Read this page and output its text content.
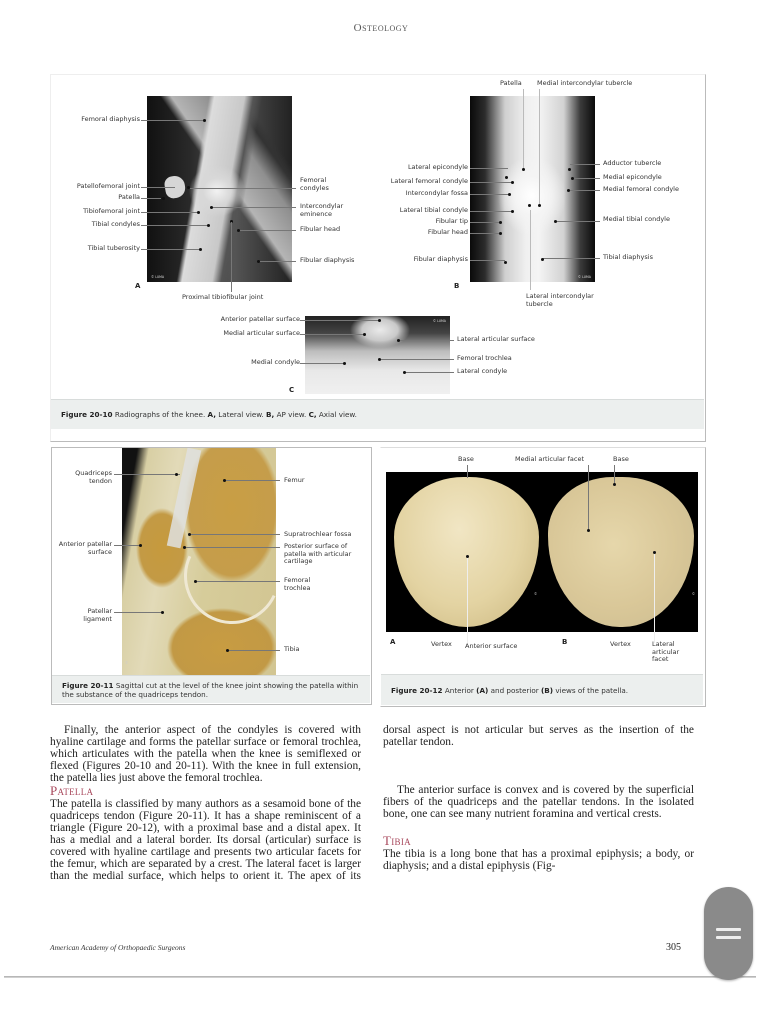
Osteology
© LUMA
A
Femoral diaphysis
Patellofemoral joint
Patella
Tibiofemoral joint
Tibial condyles
Tibial tuberosity
Femoral condyles
Intercondylar eminence
Fibular head
Fibular diaphysis
Proximal tibiofibular joint
© LUMA
B
Patella Medial intercondylar tubercle
Lateral epicondyle
Lateral femoral condyle
Intercondylar fossa
Lateral tibial condyle
Fibular tip
Fibular head
Fibular diaphysis
Adductor tubercle
Medial epicondyle
Medial femoral condyle
Medial tibial condyle
Tibial diaphysis
Lateral intercondylar tubercle
© LUMA
C
Anterior patellar surface
Medial articular surface
Medial condyle
Lateral articular surface
Femoral trochlea
Lateral condyle
Figure 20-10 Radiographs of the knee. A, Lateral view. B, AP view. C, Axial view.
©
Quadriceps tendon
Anterior patellar surface
Patellar ligament
Femur
Supratrochlear fossa
Posterior surface of patella with articular cartilage
Femoral trochlea
Tibia
Figure 20-11 Sagittal cut at the level of the knee joint showing the patella within the substance of the quadriceps tendon.
Base	Medial articular facet	Base
©	©
A	Vertex Anterior surface	B	Vertex	Lateral articular facet
Figure 20-12 Anterior (A) and posterior (B) views of the patella.

Finally, the anterior aspect of the condyles is covered with hyaline cartilage and forms the patellar surface or femoral trochlea, which articulates with the patella when the knee is semiflexed or flexed (Figures 20-10 and 20-11). With the knee in full extension, the patella lies just above the femoral trochlea.

Patella

The patella is classified by many authors as a sesamoid bone of the quadriceps tendon (Figure 20-11). It has a shape reminiscent of a triangle (Figure 20-12), with a proximal base and a distal apex. It has a medial and a lateral border. Its dorsal (articular) surface is covered with hyaline cartilage and presents two articular facets for the femur, which are separated by a crest. The lateral facet is larger than the medial surface, which helps to orient it. The apex of its

dorsal aspect is not articular but serves as the insertion of the patellar tendon.

The anterior surface is convex and is covered by the superficial fibers of the quadriceps and the patellar tendons. In the isolated bone, one can see many nutrient foramina and vertical crests.

Tibia

The tibia is a long bone that has a proximal epiphysis; a body, or diaphysis; and a distal epiphysis (Fig-

American Academy of Orthopaedic Surgeons	305
